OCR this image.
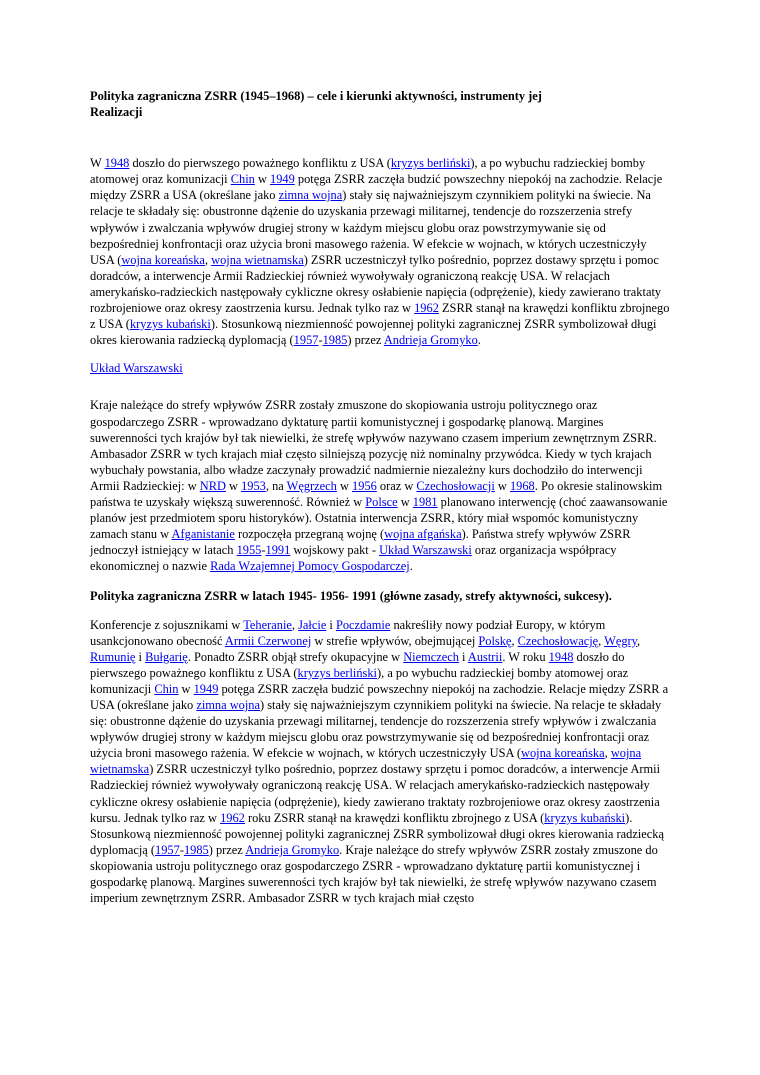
Polityka zagraniczna ZSRR (1945–1968) – cele i kierunki aktywności, instrumenty jej
Realizacji

W 1948 doszło do pierwszego poważnego konfliktu z USA (kryzys berliński), a po wybuchu radzieckiej bomby atomowej oraz komunizacji Chin w 1949 potęga ZSRR zaczęła budzić powszechny niepokój na zachodzie. Relacje między ZSRR a USA (określane jako zimna wojna) stały się najważniejszym czynnikiem polityki na świecie. Na relacje te składały się: obustronne dążenie do uzyskania przewagi militarnej, tendencje do rozszerzenia strefy wpływów i zwalczania wpływów drugiej strony w każdym miejscu globu oraz powstrzymywanie się od bezpośredniej konfrontacji oraz użycia broni masowego rażenia. W efekcie w wojnach, w których uczestniczyły USA (wojna koreańska, wojna wietnamska) ZSRR uczestniczył tylko pośrednio, poprzez dostawy sprzętu i pomoc doradców, a interwencje Armii Radzieckiej również wywoływały ograniczoną reakcję USA. W relacjach amerykańsko-radzieckich następowały cykliczne okresy osłabienie napięcia (odprężenie), kiedy zawierano traktaty rozbrojeniowe oraz okresy zaostrzenia kursu. Jednak tylko raz w 1962 ZSRR stanął na krawędzi konfliktu zbrojnego z USA (kryzys kubański). Stosunkową niezmienność powojennej polityki zagranicznej ZSRR symbolizował długi okres kierowania radziecką dyplomacją (1957-1985) przez Andrieja Gromyko.

Układ Warszawski

Kraje należące do strefy wpływów ZSRR zostały zmuszone do skopiowania ustroju politycznego oraz gospodarczego ZSRR - wprowadzano dyktaturę partii komunistycznej i gospodarkę planową. Margines suwerenności tych krajów był tak niewielki, że strefę wpływów nazywano czasem imperium zewnętrznym ZSRR. Ambasador ZSRR w tych krajach miał często silniejszą pozycję niż nominalny przywódca. Kiedy w tych krajach wybuchały powstania, albo władze zaczynały prowadzić nadmiernie niezależny kurs dochodziło do interwencji Armii Radzieckiej: w NRD w 1953, na Węgrzech w 1956 oraz w Czechosłowacji w 1968. Po okresie stalinowskim państwa te uzyskały większą suwerenność. Również w Polsce w 1981 planowano interwencję (choć zaawansowanie planów jest przedmiotem sporu historyków). Ostatnia interwencja ZSRR, który miał wspomóc komunistyczny zamach stanu w Afganistanie rozpoczęła przegraną wojnę (wojna afgańska). Państwa strefy wpływów ZSRR jednoczył istniejący w latach 1955-1991 wojskowy pakt - Układ Warszawski oraz organizacja współpracy ekonomicznej o nazwie Rada Wzajemnej Pomocy Gospodarczej.

Polityka zagraniczna ZSRR w latach 1945- 1956- 1991 (główne zasady, strefy aktywności, sukcesy).

Konferencje z sojusznikami w Teheranie, Jałcie i Poczdamie nakreśliły nowy podział Europy, w którym usankcjonowano obecność Armii Czerwonej w strefie wpływów, obejmującej Polskę, Czechosłowację, Węgry, Rumunię i Bułgarię. Ponadto ZSRR objął strefy okupacyjne w Niemczech i Austrii. W roku 1948 doszło do pierwszego poważnego konfliktu z USA (kryzys berliński), a po wybuchu radzieckiej bomby atomowej oraz komunizacji Chin w 1949 potęga ZSRR zaczęła budzić powszechny niepokój na zachodzie. Relacje między ZSRR a USA (określane jako zimna wojna) stały się najważniejszym czynnikiem polityki na świecie. Na relacje te składały się: obustronne dążenie do uzyskania przewagi militarnej, tendencje do rozszerzenia strefy wpływów i zwalczania wpływów drugiej strony w każdym miejscu globu oraz powstrzymywanie się od bezpośredniej konfrontacji oraz użycia broni masowego rażenia. W efekcie w wojnach, w których uczestniczyły USA (wojna koreańska, wojna wietnamska) ZSRR uczestniczył tylko pośrednio, poprzez dostawy sprzętu i pomoc doradców, a interwencje Armii Radzieckiej również wywoływały ograniczoną reakcję USA. W relacjach amerykańsko-radzieckich następowały cykliczne okresy osłabienie napięcia (odprężenie), kiedy zawierano traktaty rozbrojeniowe oraz okresy zaostrzenia kursu. Jednak tylko raz w 1962 roku ZSRR stanął na krawędzi konfliktu zbrojnego z USA (kryzys kubański). Stosunkową niezmienność powojennej polityki zagranicznej ZSRR symbolizował długi okres kierowania radziecką dyplomacją (1957-1985) przez Andrieja Gromyko. Kraje należące do strefy wpływów ZSRR zostały zmuszone do skopiowania ustroju politycznego oraz gospodarczego ZSRR - wprowadzano dyktaturę partii komunistycznej i gospodarkę planową. Margines suwerenności tych krajów był tak niewielki, że strefę wpływów nazywano czasem imperium zewnętrznym ZSRR. Ambasador ZSRR w tych krajach miał często
